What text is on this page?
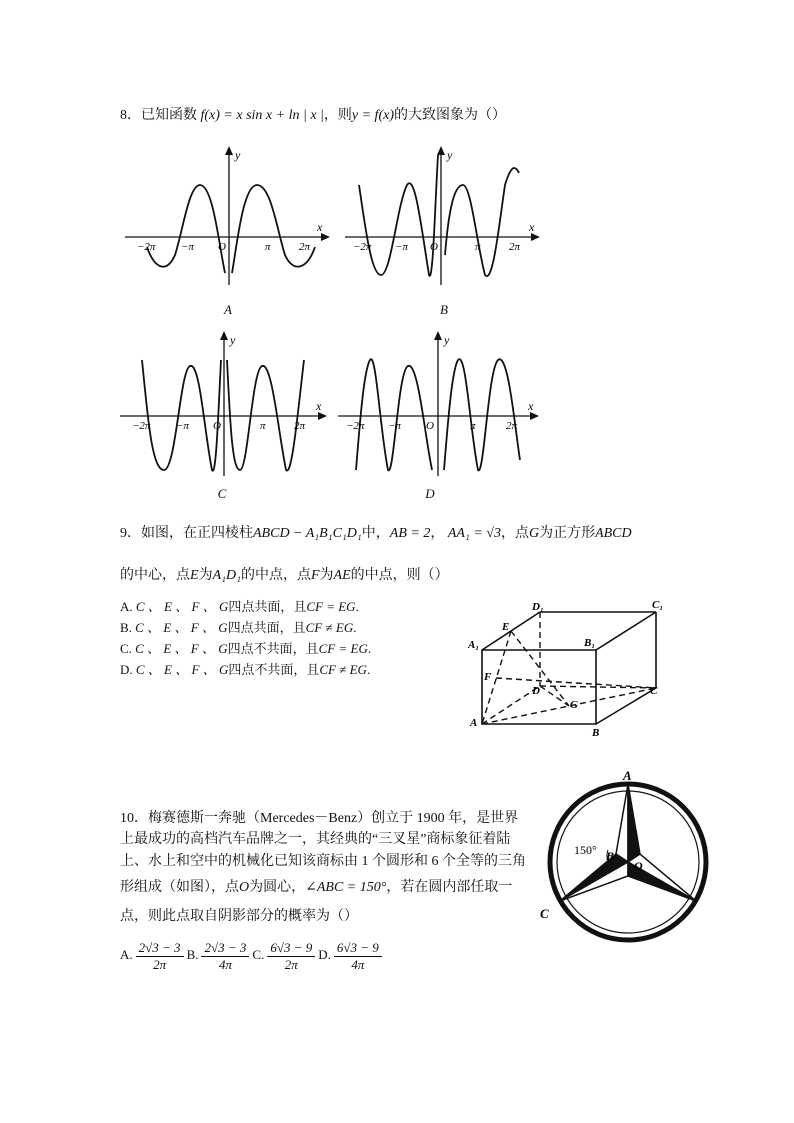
8．已知函数 f(x) = x sin x + ln | x |，则y = f(x)的大致图象为（）
x
y
−2π −π O	π	2π
A
x
y
−2π −π O	π	2π
B
x
y
−2π −π O	π	2π
C
x
y
−2π −π O	π	2π
D
9．如图，在正四棱柱ABCD − A₁B₁C₁D₁中，AB = 2， AA₁ = √3，点G为正方形ABCD
的中心，点E为A₁D₁的中点，点F为AE的中点，则（）
A. C 、 E 、 F 、 G四点共面，且CF = EG.
B. C 、 E 、 F 、 G四点共面，且CF ≠ EG.
C. C 、 E 、 F 、 G四点不共面，且CF = EG.
D. C 、 E 、 F 、 G四点不共面，且CF ≠ EG.
A₁	B₁
C₁
D₁
E
F
D
G
C
A
B
10．梅赛德斯一奔驰（Mercedes－Benz）创立于 1900 年，是世界
上最成功的高档汽车品牌之一，其经典的“三叉星”商标象征着陆
上、水上和空中的机械化已知该商标由 1 个圆形和 6 个全等的三角
形组成（如图），点O为圆心，∠ABC = 150°，若在圆内部任取一
点，则此点取自阴影部分的概率为（）
A. $\frac{2√3 - 3}{2\pi} B$. $\frac{2√3 - 3}{4\pi} C$. $\frac{6√3 - 9}{2\pi} D$. $\frac{6√3 - 9}{4\pi}$
A
B
O
C
150°
